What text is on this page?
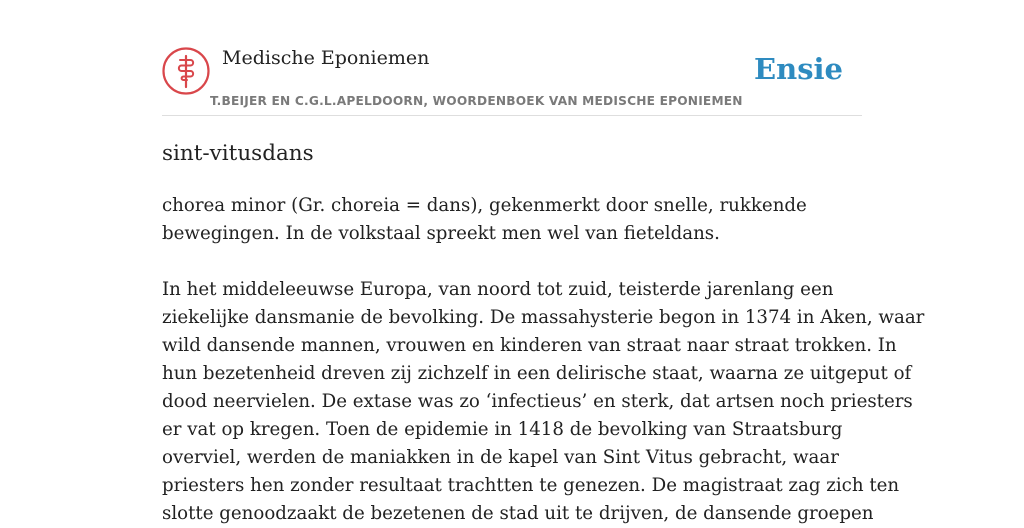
Medische Eponiemen
T.BEIJER EN C.G.L.APELDOORN, WOORDENBOEK VAN MEDISCHE EPONIEMEN
Ensie
sint-vitusdans

chorea minor (Gr. choreia = dans), gekenmerkt door snelle, rukkende
bewegingen. In de volkstaal spreekt men wel van fieteldans.

In het middeleeuwse Europa, van noord tot zuid, teisterde jarenlang een
ziekelijke dansmanie de bevolking. De massahysterie begon in 1374 in Aken, waar
wild dansende mannen, vrouwen en kinderen van straat naar straat trokken. In
hun bezetenheid dreven zij zichzelf in een delirische staat, waarna ze uitgeput of
dood neervielen. De extase was zo ‘infectieus’ en sterk, dat artsen noch priesters
er vat op kregen. Toen de epidemie in 1418 de bevolking van Straatsburg
overviel, werden de maniakken in de kapel van Sint Vitus gebracht, waar
priesters hen zonder resultaat trachtten te genezen. De magistraat zag zich ten
slotte genoodzaakt de bezetenen de stad uit te drijven, de dansende groepen
